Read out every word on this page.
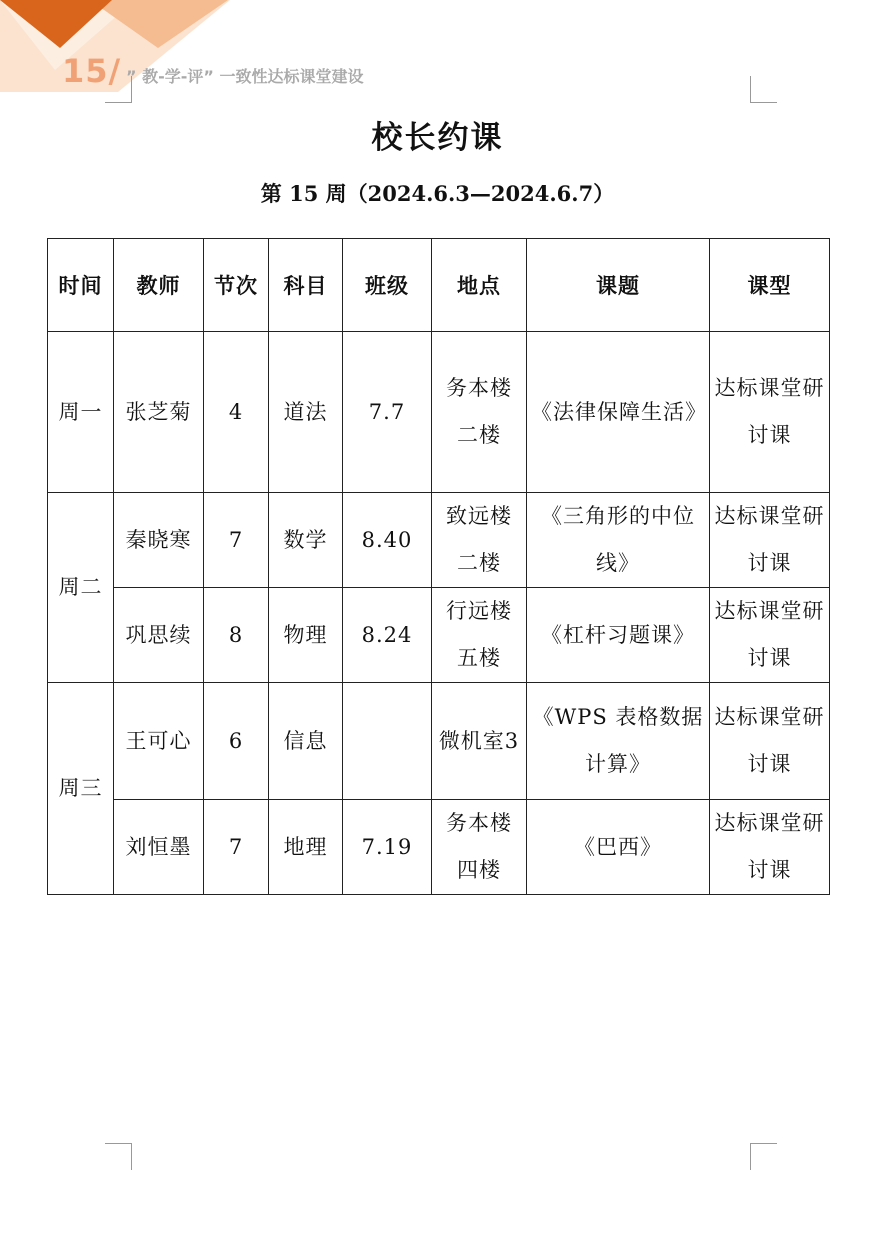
15/ ” 教-学-评” 一致性达标课堂建设
校长约课
第 15 周（2024.6.3—2024.6.7）
时间	教师	节次	科目	班级	地点	课题	课型
周一	张芝菊	4	道法	7.7	务本楼二楼	《法律保障生活》	达标课堂研讨课
周二	秦晓寒	7	数学	8.40	致远楼二楼	《三角形的中位线》	达标课堂研讨课
	巩思续	8	物理	8.24	行远楼五楼	《杠杆习题课》	达标课堂研讨课
周三	王可心	6	信息		微机室3	《WPS 表格数据计算》	达标课堂研讨课
	刘恒墨	7	地理	7.19	务本楼四楼	《巴西》	达标课堂研讨课
